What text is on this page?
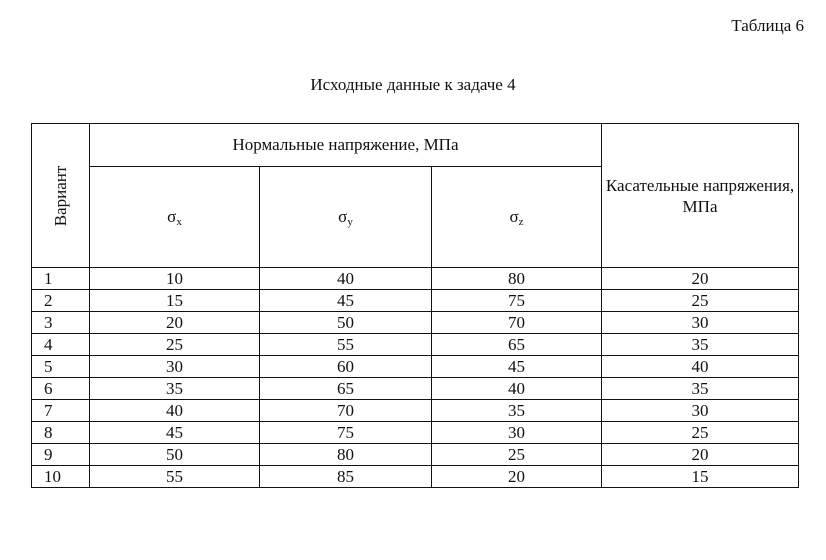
Таблица 6
Исходные данные к задаче 4
Вариант	Нормальные напряжение, МПа			Касательные напряжения, МПа
	$\sigma_x$	$\sigma_y$	$\sigma_z$
1	10	40	80	20
2	15	45	75	25
3	20	50	70	30
4	25	55	65	35
5	30	60	45	40
6	35	65	40	35
7	40	70	35	30
8	45	75	30	25
9	50	80	25	20
10	55	85	20	15
